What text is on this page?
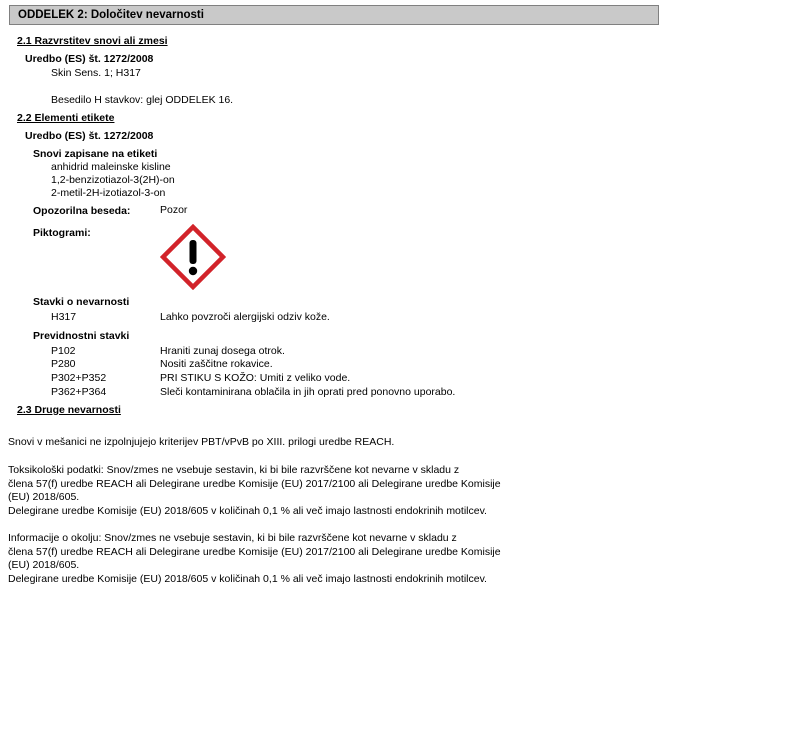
ODDELEK 2: Določitev nevarnosti
2.1 Razvrstitev snovi ali zmesi
Uredbo (ES) št. 1272/2008
Skin Sens. 1; H317
Besedilo H stavkov: glej ODDELEK 16.
2.2 Elementi etikete
Uredbo (ES) št. 1272/2008
Snovi zapisane na etiketi
anhidrid maleinske kisline
1,2-benzizotiazol-3(2H)-on
2-metil-2H-izotiazol-3-on
Opozorilna beseda:	Pozor
Piktogrami:
Stavki o nevarnosti
H317	Lahko povzroči alergijski odziv kože.
Previdnostni stavki
P102	Hraniti zunaj dosega otrok.
P280	Nositi zaščitne rokavice.
P302+P352	PRI STIKU S KOŽO: Umiti z veliko vode.
P362+P364	Sleči kontaminirana oblačila in jih oprati pred ponovno uporabo.
2.3 Druge nevarnosti
Snovi v mešanici ne izpolnjujejo kriterijev PBT/vPvB po XIII. prilogi uredbe REACH.
Toksikološki podatki: Snov/zmes ne vsebuje sestavin, ki bi bile razvrščene kot nevarne v skladu z
člena 57(f) uredbe REACH ali Delegirane uredbe Komisije (EU) 2017/2100 ali Delegirane uredbe Komisije
(EU) 2018/605.
Delegirane uredbe Komisije (EU) 2018/605 v količinah 0,1 % ali več imajo lastnosti endokrinih motilcev.
Informacije o okolju: Snov/zmes ne vsebuje sestavin, ki bi bile razvrščene kot nevarne v skladu z
člena 57(f) uredbe REACH ali Delegirane uredbe Komisije (EU) 2017/2100 ali Delegirane uredbe Komisije
(EU) 2018/605.
Delegirane uredbe Komisije (EU) 2018/605 v količinah 0,1 % ali več imajo lastnosti endokrinih motilcev.
